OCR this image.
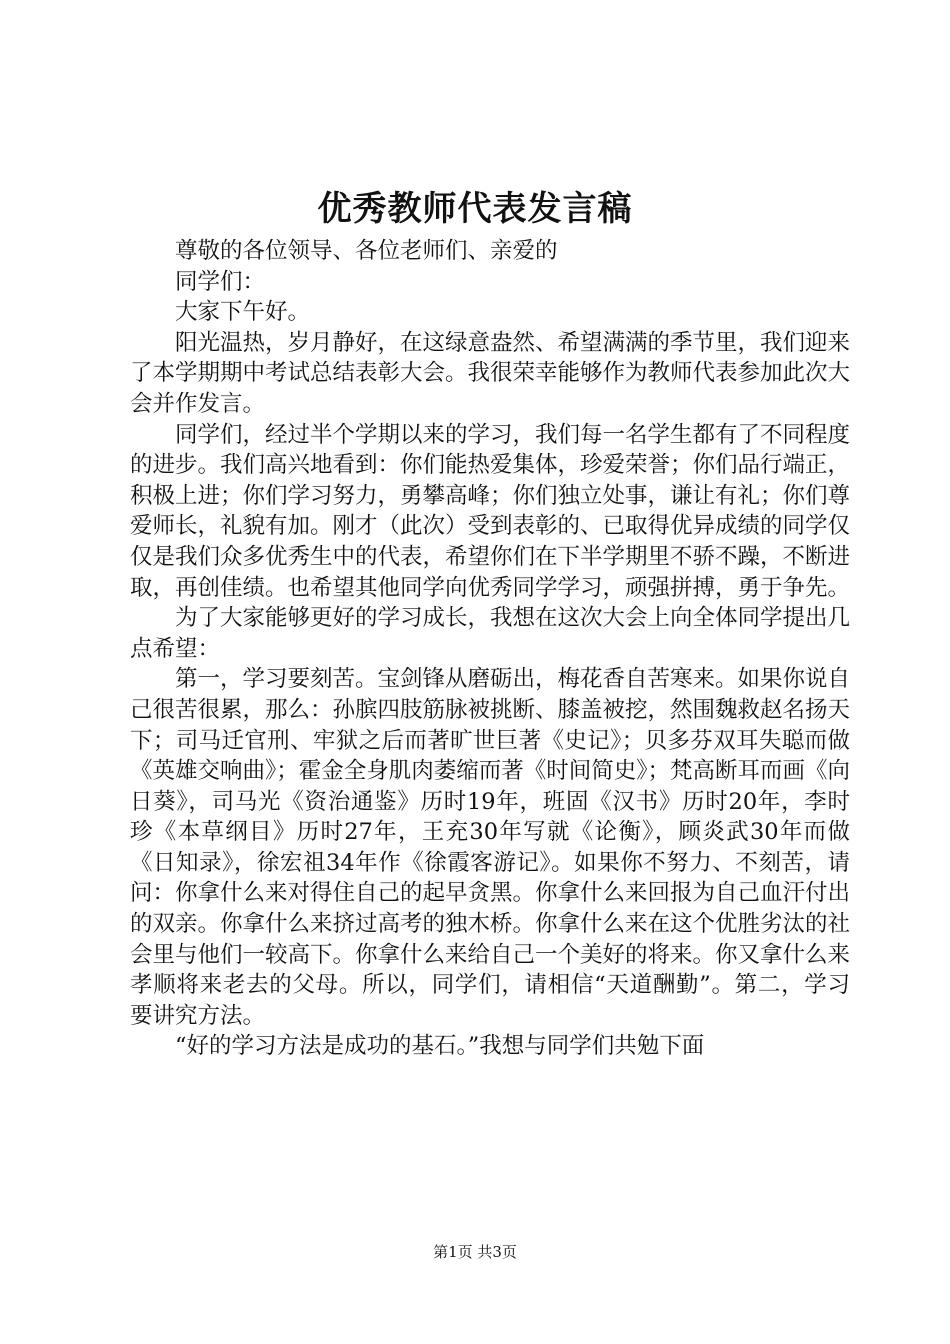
优秀教师代表发言稿

尊敬的各位领导、各位老师们、亲爱的

同学们：

大家下午好。

阳光温热，岁月静好，在这绿意盎然、希望满满的季节里，我们迎来了本学期期中考试总结表彰大会。我很荣幸能够作为教师代表参加此次大会并作发言。

同学们，经过半个学期以来的学习，我们每一名学生都有了不同程度的进步。我们高兴地看到：你们能热爱集体，珍爱荣誉；你们品行端正，积极上进；你们学习努力，勇攀高峰；你们独立处事，谦让有礼；你们尊爱师长，礼貌有加。刚才（此次）受到表彰的、已取得优异成绩的同学仅仅是我们众多优秀生中的代表，希望你们在下半学期里不骄不躁，不断进取，再创佳绩。也希望其他同学向优秀同学学习，顽强拼搏，勇于争先。

为了大家能够更好的学习成长，我想在这次大会上向全体同学提出几点希望：

第一，学习要刻苦。宝剑锋从磨砺出，梅花香自苦寒来。如果你说自己很苦很累，那么：孙膑四肢筋脉被挑断、膝盖被挖，然围魏救赵名扬天下；司马迁官刑、牢狱之后而著旷世巨著《史记》；贝多芬双耳失聪而做《英雄交响曲》；霍金全身肌肉萎缩而著《时间简史》；梵高断耳而画《向日葵》，司马光《资治通鉴》历时19年，班固《汉书》历时20年，李时珍《本草纲目》历时27年，王充30年写就《论衡》，顾炎武30年而做《日知录》，徐宏祖34年作《徐霞客游记》。如果你不努力、不刻苦，请问：你拿什么来对得住自己的起早贪黑。你拿什么来回报为自己血汗付出的双亲。你拿什么来挤过高考的独木桥。你拿什么来在这个优胜劣汰的社会里与他们一较高下。你拿什么来给自己一个美好的将来。你又拿什么来孝顺将来老去的父母。所以，同学们，请相信“天道酬勤”。第二，学习要讲究方法。

“好的学习方法是成功的基石。”我想与同学们共勉下面

第1页 共3页
